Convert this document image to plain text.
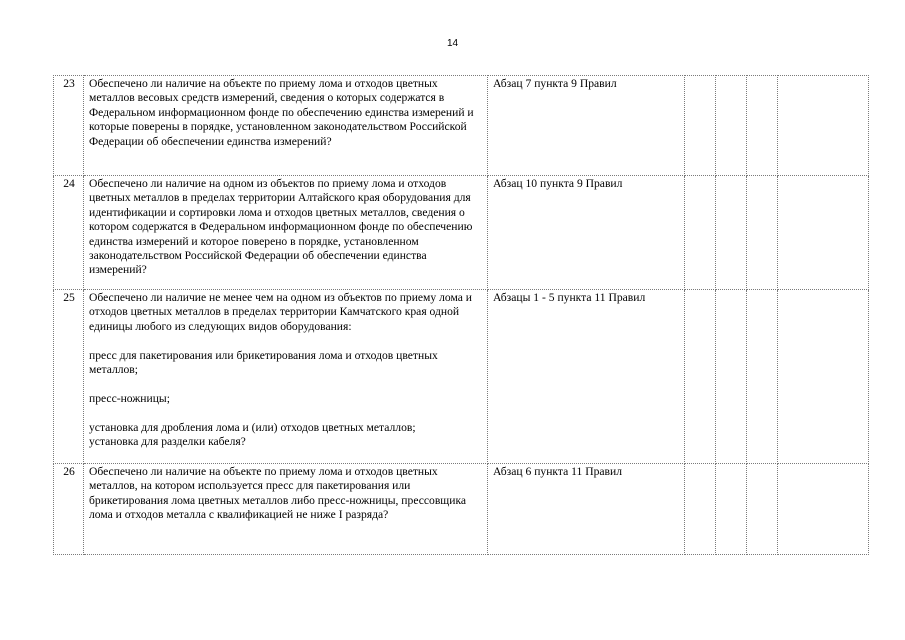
14
23	Обеспечено ли наличие на объекте по приему лома и отходов цветных металлов весовых средств измерений, сведения о которых содержатся в Федеральном информационном фонде по обеспечению единства измерений и которые поверены в порядке, установленном законодательством Российской Федерации об обеспечении единства измерений?	Абзац 7 пункта 9 Правил				
24	Обеспечено ли наличие на одном из объектов по приему лома и отходов цветных металлов в пределах территории Алтайского края оборудования для идентификации и сортировки лома и отходов цветных металлов, сведения о котором содержатся в Федеральном информационном фонде по обеспечению единства измерений и которое поверено в порядке, установленном законодательством Российской Федерации об обеспечении единства измерений?	Абзац 10 пункта 9 Правил				
25	Обеспечено ли наличие не менее чем на одном из объектов по приему лома и отходов цветных металлов в пределах территории Камчатского края одной единицы любого из следующих видов оборудования:

пресс для пакетирования или брикетирования лома и отходов цветных металлов;

пресс-ножницы;

установка для дробления лома и (или) отходов цветных металлов;

установка для разделки кабеля?	Абзацы 1 - 5 пункта 11 Правил				
26	Обеспечено ли наличие на объекте по приему лома и отходов цветных металлов, на котором используется пресс для пакетирования или брикетирования лома цветных металлов либо пресс-ножницы, прессовщика лома и отходов металла с квалификацией не ниже I разряда?	Абзац 6 пункта 11 Правил				
